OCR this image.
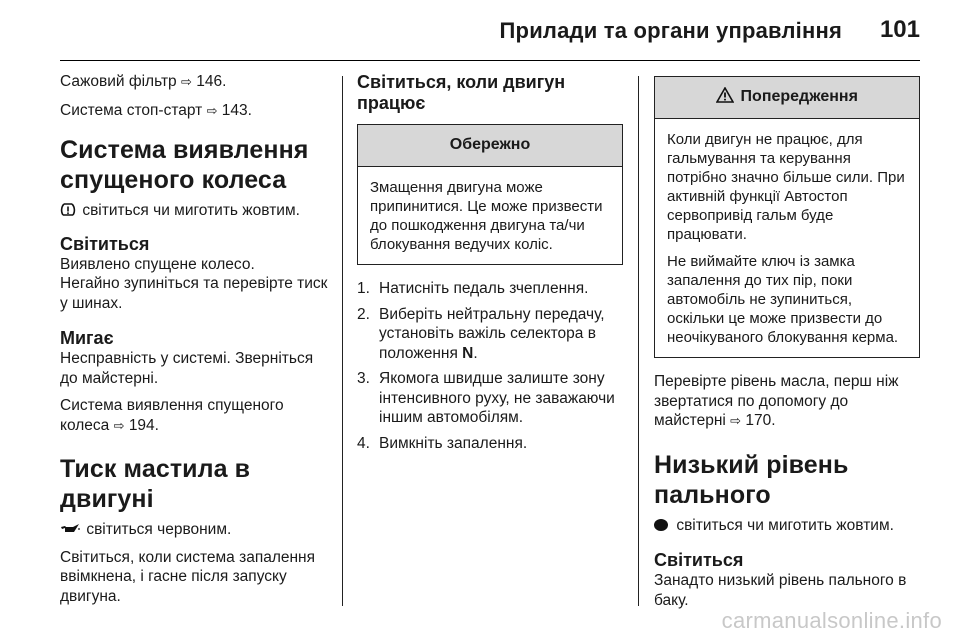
Прилади та органи управління 101

Сажовий фільтр ⇨ 146.

Система стоп-старт ⇨ 143.

Система виявлення спущеного колеса

світиться чи миготить жовтим.

Світиться

Виявлено спущене колесо.

Негайно зупиніться та перевірте тиск у шинах.

Мигає

Несправність у системі. Зверніться до майстерні.

Система виявлення спущеного колеса ⇨ 194.

Тиск мастила в двигуні

світиться червоним.

Світиться, коли система запалення ввімкнена, і гасне після запуску двигуна.

Світиться, коли двигун працює
Обережно

Змащення двигуна може припинитися. Це може призвести до пошкодження двигуна та/чи блокування ведучих коліс.

1. Натисніть педаль зчеплення.
2. Виберіть нейтральну передачу, установіть важіль селектора в положення N.
3. Якомога швидше залиште зону інтенсивного руху, не заважаючи іншим автомобілям.
4. Вимкніть запалення.
Попередження

Коли двигун не працює, для гальмування та керування потрібно значно більше сили. При активній функції Автостоп сервопривід гальм буде працювати.

Не виймайте ключ із замка запалення до тих пір, поки автомобіль не зупиниться, оскільки це може призвести до неочікуваного блокування керма.

Перевірте рівень масла, перш ніж звертатися по допомогу до майстерні ⇨ 170.

Низький рівень пального

світиться чи миготить жовтим.

Світиться

Занадто низький рівень пального в баку.

carmanualsonline.info
